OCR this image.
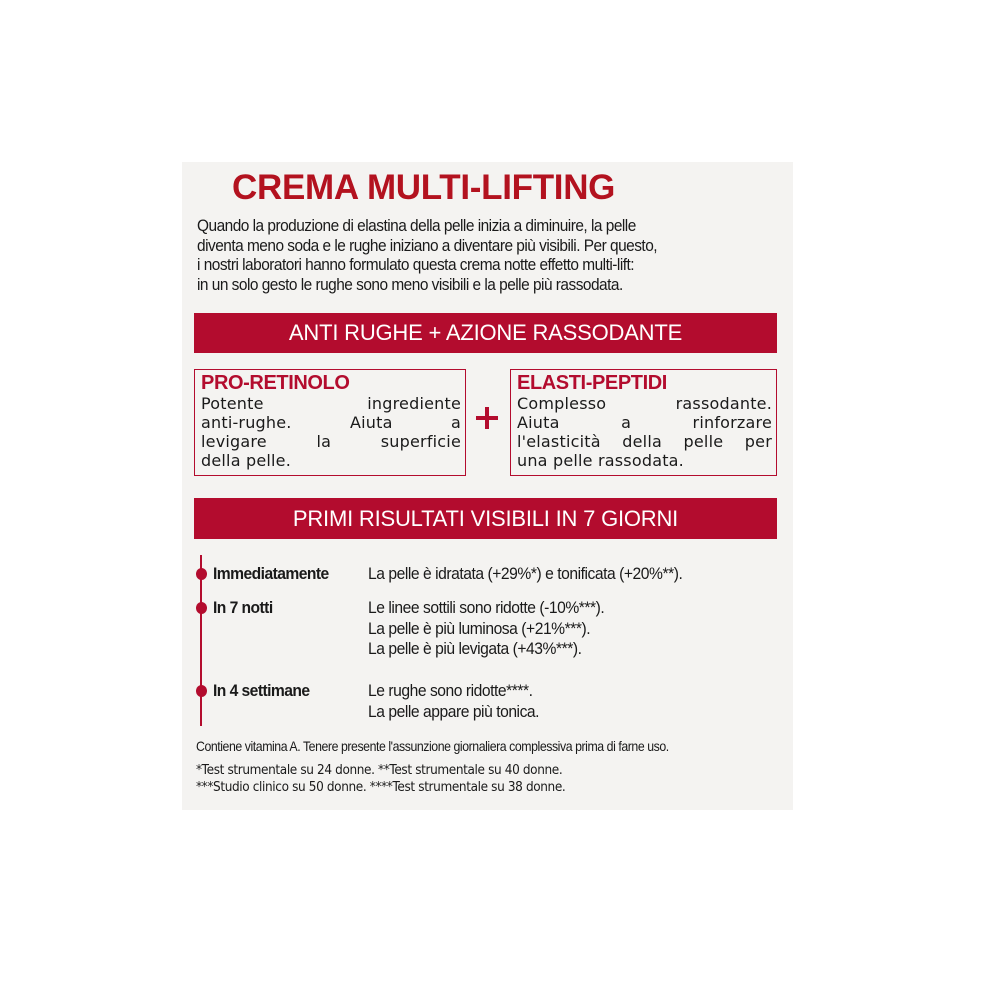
CREMA MULTI-LIFTING
Quando la produzione di elastina della pelle inizia a diminuire, la pelle
diventa meno soda e le rughe iniziano a diventare più visibili. Per questo,
i nostri laboratori hanno formulato questa crema notte effetto multi-lift:
in un solo gesto le rughe sono meno visibili e la pelle più rassodata.
ANTI RUGHE + AZIONE RASSODANTE
PRO-RETINOLO
Potente ingrediente
anti-rughe. Aiuta a
levigare la superficie
della pelle.
ELASTI-PEPTIDI
Complesso rassodante.
Aiuta a rinforzare
l'elasticità della pelle per
una pelle rassodata.
PRIMI RISULTATI VISIBILI IN 7 GIORNI
Immediatamente La pelle è idratata (+29%*) e tonificata (+20%**).
In 7 notti	Le linee sottili sono ridotte (-10%***).
La pelle è più luminosa (+21%***).
La pelle è più levigata (+43%***).
In 4 settimane	Le rughe sono ridotte****.
La pelle appare più tonica.
Contiene vitamina A. Tenere presente l'assunzione giornaliera complessiva prima di farne uso.
*Test strumentale su 24 donne. **Test strumentale su 40 donne.
***Studio clinico su 50 donne. ****Test strumentale su 38 donne.
